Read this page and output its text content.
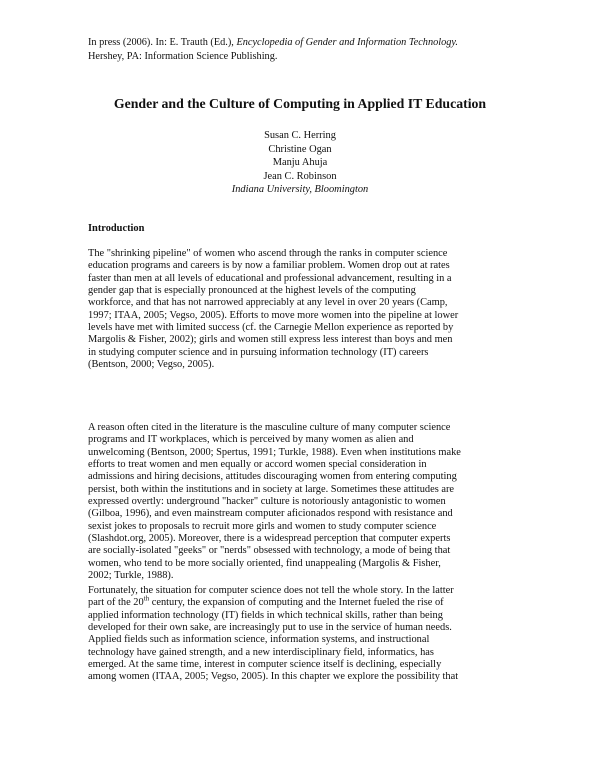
In press (2006). In: E. Trauth (Ed.), Encyclopedia of Gender and Information Technology.
Hershey, PA: Information Science Publishing.
Gender and the Culture of Computing in Applied IT Education
Susan C. Herring
Christine Ogan
Manju Ahuja
Jean C. Robinson
Indiana University, Bloomington
Introduction
The "shrinking pipeline" of women who ascend through the ranks in computer science
education programs and careers is by now a familiar problem. Women drop out at rates
faster than men at all levels of educational and professional advancement, resulting in a
gender gap that is especially pronounced at the highest levels of the computing
workforce, and that has not narrowed appreciably at any level in over 20 years (Camp,
1997; ITAA, 2005; Vegso, 2005). Efforts to move more women into the pipeline at lower
levels have met with limited success (cf. the Carnegie Mellon experience as reported by
Margolis & Fisher, 2002); girls and women still express less interest than boys and men
in studying computer science and in pursuing information technology (IT) careers
(Bentson, 2000; Vegso, 2005).
A reason often cited in the literature is the masculine culture of many computer science
programs and IT workplaces, which is perceived by many women as alien and
unwelcoming (Bentson, 2000; Spertus, 1991; Turkle, 1988). Even when institutions make
efforts to treat women and men equally or accord women special consideration in
admissions and hiring decisions, attitudes discouraging women from entering computing
persist, both within the institutions and in society at large. Sometimes these attitudes are
expressed overtly: underground "hacker" culture is notoriously antagonistic to women
(Gilboa, 1996), and even mainstream computer aficionados respond with resistance and
sexist jokes to proposals to recruit more girls and women to study computer science
(Slashdot.org, 2005). Moreover, there is a widespread perception that computer experts
are socially-isolated "geeks" or "nerds" obsessed with technology, a mode of being that
women, who tend to be more socially oriented, find unappealing (Margolis & Fisher,
2002; Turkle, 1988).
Fortunately, the situation for computer science does not tell the whole story. In the latter
part of the 20th century, the expansion of computing and the Internet fueled the rise of
applied information technology (IT) fields in which technical skills, rather than being
developed for their own sake, are increasingly put to use in the service of human needs.
Applied fields such as information science, information systems, and instructional
technology have gained strength, and a new interdisciplinary field, informatics, has
emerged. At the same time, interest in computer science itself is declining, especially
among women (ITAA, 2005; Vegso, 2005). In this chapter we explore the possibility that
